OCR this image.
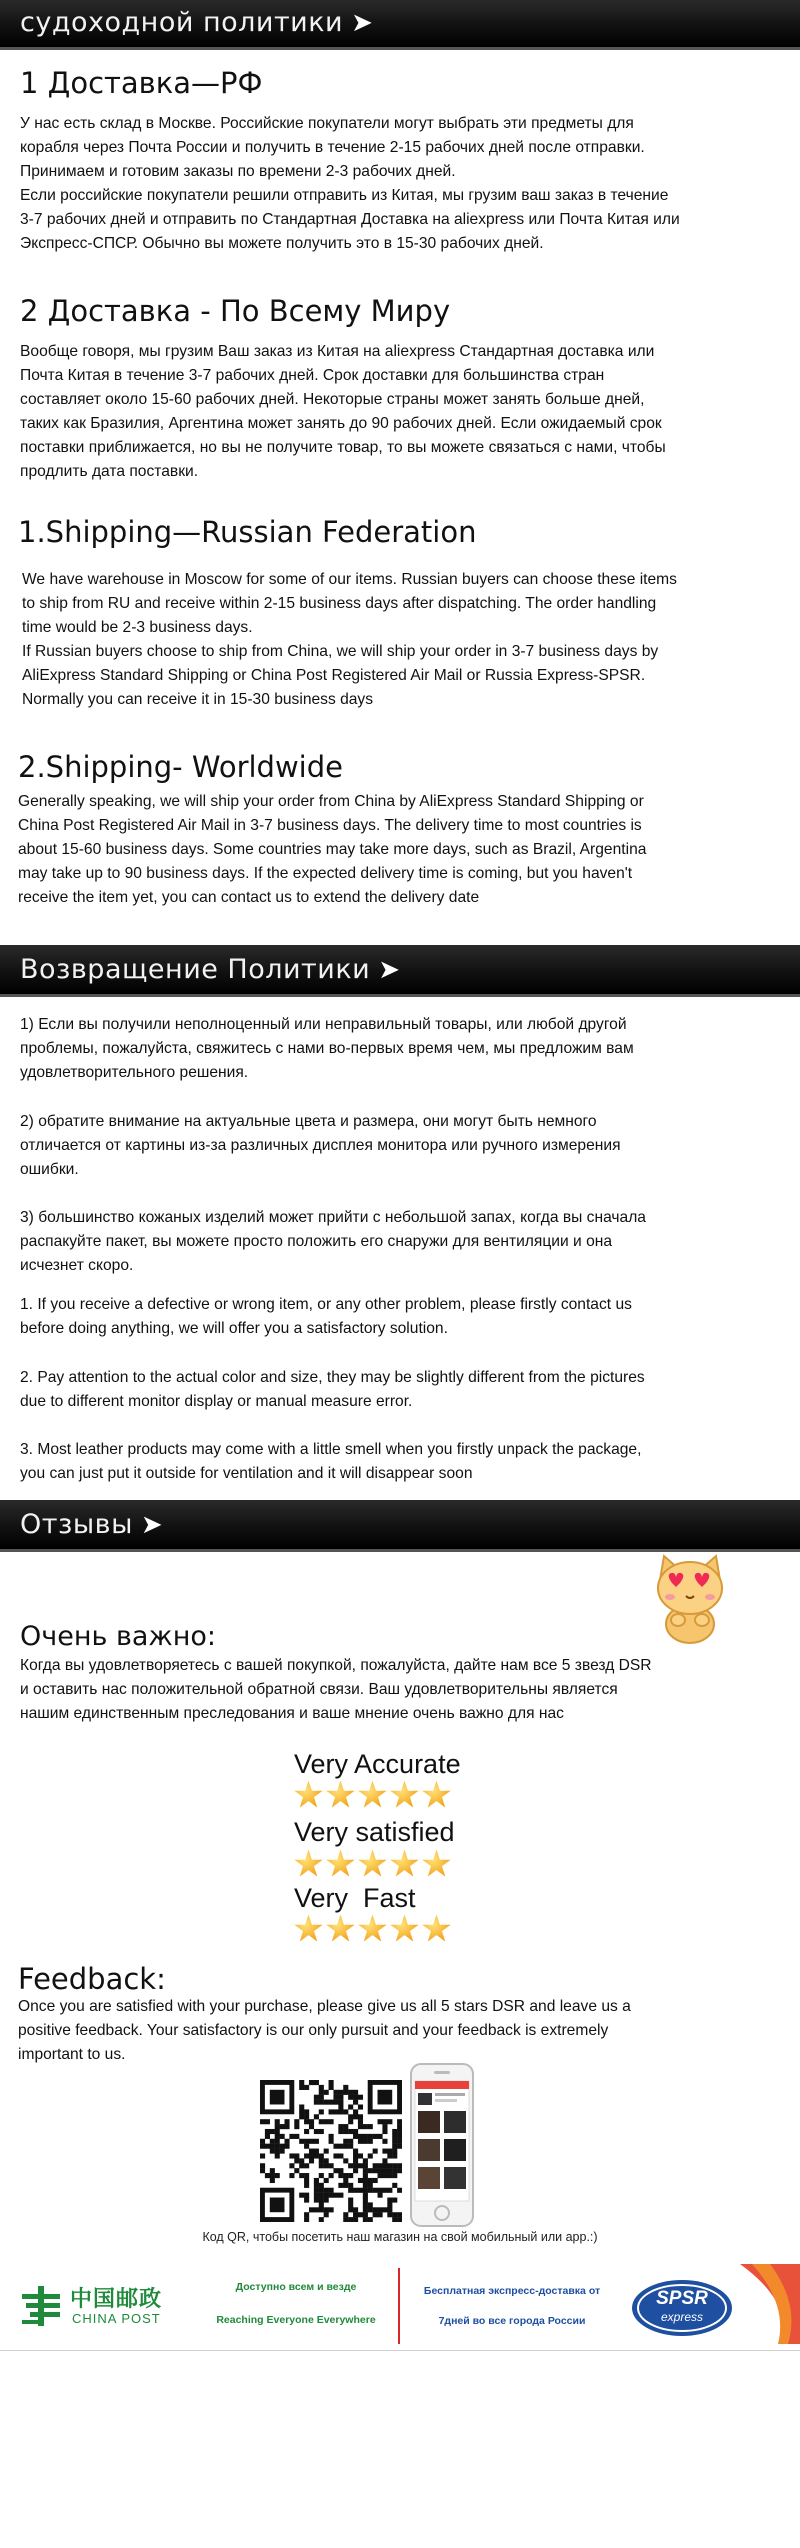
судоходной политики ➤
1 Доставка—РФ
У нас есть склад в Москве. Российские покупатели могут выбрать эти предметы для
корабля через Почта России и получить в течение 2-15 рабочих дней после отправки.
Принимаем и готовим заказы по времени 2-3 рабочих дней.
Если российские покупатели решили отправить из Китая, мы грузим ваш заказ в течение
3-7 рабочих дней и отправить по Стандартная Доставка на aliexpress или Почта Китая или
Экспресс-СПСР. Обычно вы можете получить это в 15-30 рабочих дней.
2 Доставка - По Всему Миру
Вообще говоря, мы грузим Ваш заказ из Китая на aliexpress Стандартная доставка или
Почта Китая в течение 3-7 рабочих дней. Срок доставки для большинства стран
составляет около 15-60 рабочих дней. Некоторые страны может занять больше дней,
таких как Бразилия, Аргентина может занять до 90 рабочих дней. Если ожидаемый срок
поставки приближается, но вы не получите товар, то вы можете связаться с нами, чтобы
продлить дата поставки.
1.Shipping—Russian Federation
We have warehouse in Moscow for some of our items. Russian buyers can choose these items
to ship from RU and receive within 2-15 business days after dispatching. The order handling
time would be 2-3 business days.
If Russian buyers choose to ship from China, we will ship your order in 3-7 business days by
AliExpress Standard Shipping or China Post Registered Air Mail or Russia Express-SPSR.
Normally you can receive it in 15-30 business days
2.Shipping- Worldwide
Generally speaking, we will ship your order from China by AliExpress Standard Shipping or
China Post Registered Air Mail in 3-7 business days. The delivery time to most countries is
about 15-60 business days. Some countries may take more days, such as Brazil, Argentina
may take up to 90 business days. If the expected delivery time is coming, but you haven't
receive the item yet, you can contact us to extend the delivery date
Возвращение Политики ➤
1) Если вы получили неполноценный или неправильный товары, или любой другой
проблемы, пожалуйста, свяжитесь с нами во-первых время чем, мы предложим вам
удовлетворительного решения.
2) обратите внимание на актуальные цвета и размера, они могут быть немного
отличается от картины из-за различных дисплея монитора или ручного измерения
ошибки.
3) большинство кожаных изделий может прийти с небольшой запах, когда вы сначала
распакуйте пакет, вы можете просто положить его снаружи для вентиляции и она
исчезнет скоро.
1. If you receive a defective or wrong item, or any other problem, please firstly contact us
before doing anything, we will offer you a satisfactory solution.
2. Pay attention to the actual color and size, they may be slightly different from the pictures
due to different monitor display or manual measure error.
3. Most leather products may come with a little smell when you firstly unpack the package,
you can just put it outside for ventilation and it will disappear soon
Отзывы ➤
Очень важно:
Когда вы удовлетворяетесь с вашей покупкой, пожалуйста, дайте нам все 5 звезд DSR
и оставить нас положительной обратной связи. Ваш удовлетворительны является
нашим единственным преследования и ваше мнение очень важно для нас
Very Accurate
Very satisfied
Very  Fast
Feedback:
Once you are satisfied with your purchase, please give us all 5 stars DSR and leave us a
positive feedback. Your satisfactory is our only pursuit and your feedback is extremely
important to us.
Код QR, чтобы посетить наш магазин на свой мобильный или app.:)
中国邮政
CHINA POST
Доступно всем и везде
Reaching Everyone Everywhere
Бесплатная экспресс-доставка от
7дней во все города России
SPSR
express
